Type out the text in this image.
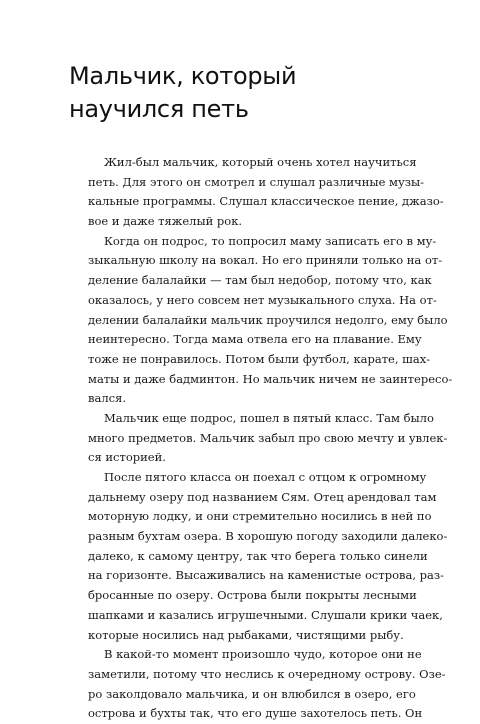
Мальчик, который
научился петь
Жил-был мальчик, который очень хотел научиться
петь. Для этого он смотрел и слушал различные музы-
кальные программы. Слушал классическое пение, джазо-
вое и даже тяжелый рок.
Когда он подрос, то попросил маму записать его в му-
зыкальную школу на вокал. Но его приняли только на от-
деление балалайки — там был недобор, потому что, как
оказалось, у него совсем нет музыкального слуха. На от-
делении балалайки мальчик проучился недолго, ему было
неинтересно. Тогда мама отвела его на плавание. Ему
тоже не понравилось. Потом были футбол, карате, шах-
маты и даже бадминтон. Но мальчик ничем не заинтересо-
вался.
Мальчик еще подрос, пошел в пятый класс. Там было
много предметов. Мальчик забыл про свою мечту и увлек-
ся историей.
После пятого класса он поехал с отцом к огромному
дальнему озеру под названием Сям. Отец арендовал там
моторную лодку, и они стремительно носились в ней по
разным бухтам озера. В хорошую погоду заходили далеко-
далеко, к самому центру, так что берега только синели
на горизонте. Высаживались на каменистые острова, раз-
бросанные по озеру. Острова были покрыты лесными
шапками и казались игрушечными. Слушали крики чаек,
которые носились над рыбаками, чистящими рыбу.
В какой-то момент произошло чудо, которое они не
заметили, потому что неслись к очередному острову. Озе-
ро заколдовало мальчика, и он влюбился в озеро, его
острова и бухты так, что его душе захотелось петь. Он
